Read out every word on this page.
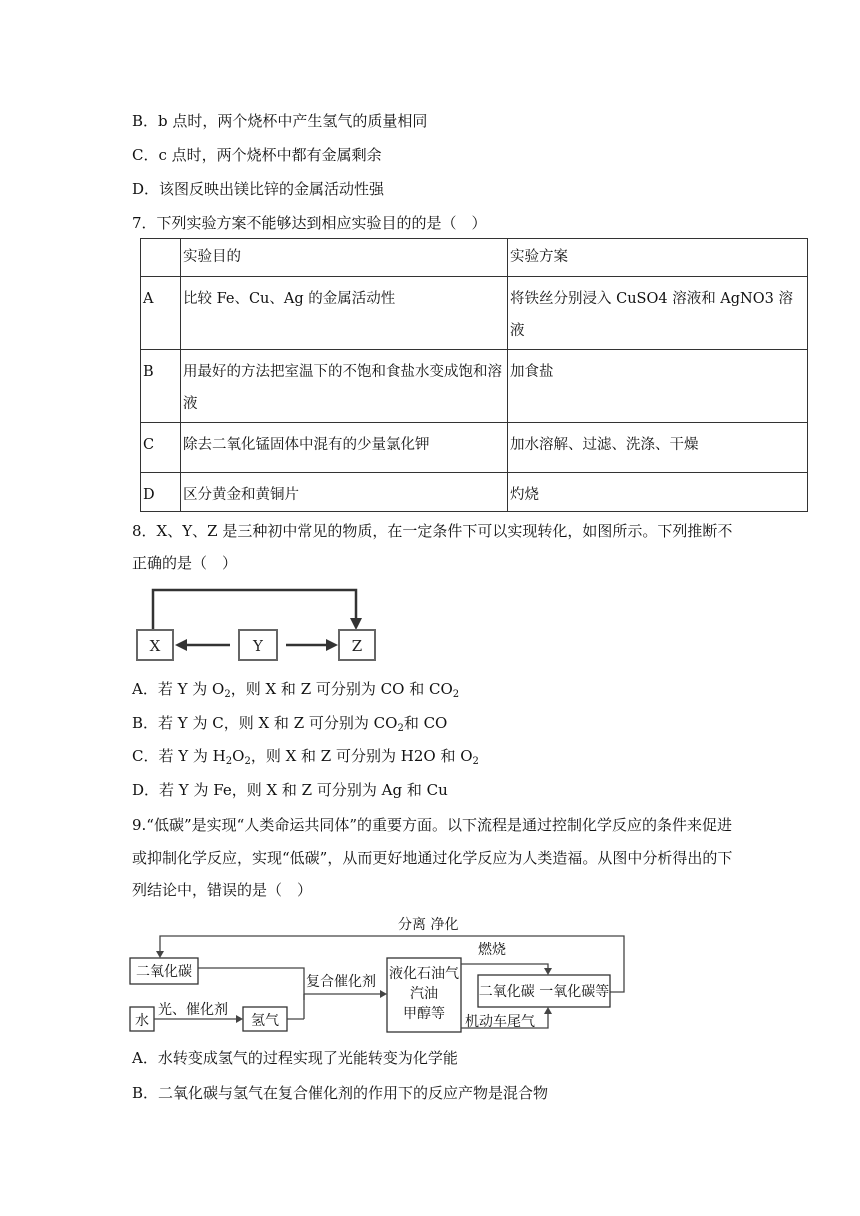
B．b 点时，两个烧杯中产生氢气的质量相同
C．c 点时，两个烧杯中都有金属剩余
D．该图反映出镁比锌的金属活动性强
7．下列实验方案不能够达到相应实验目的的是（　）
	实验目的	实验方案
A	比较 Fe、Cu、Ag 的金属活动性	将铁丝分别浸入 CuSO4 溶液和 AgNO3 溶液
B	用最好的方法把室温下的不饱和食盐水变成饱和溶液	加食盐
C	除去二氧化锰固体中混有的少量氯化钾	加水溶解、过滤、洗涤、干燥
D	区分黄金和黄铜片	灼烧
8．X、Y、Z 是三种初中常见的物质，在一定条件下可以实现转化，如图所示。下列推断不
正确的是（　）
X	Y	Z
A．若 Y 为 $O_2$，则 X 和 Z 可分别为 CO 和 $CO_2$
B．若 Y 为 C，则 X 和 Z 可分别为 $CO_2$和 CO
C．若 Y 为 $H_2O_2$，则 X 和 Z 可分别为 H2O 和 $O_2$
D．若 Y 为 Fe，则 X 和 Z 可分别为 Ag 和 Cu
9.“低碳”是实现“人类命运共同体”的重要方面。以下流程是通过控制化学反应的条件来促进
或抑制化学反应，实现“低碳”，从而更好地通过化学反应为人类造福。从图中分析得出的下
列结论中，错误的是（　）
分离 净化
二氧化碳
水
光、催化剂
氢气
复合催化剂 液化石油气
汽油
甲醇等
燃烧
机动车尾气
二氧化碳 一氧化碳等
A．水转变成氢气的过程实现了光能转变为化学能
B．二氧化碳与氢气在复合催化剂的作用下的反应产物是混合物
